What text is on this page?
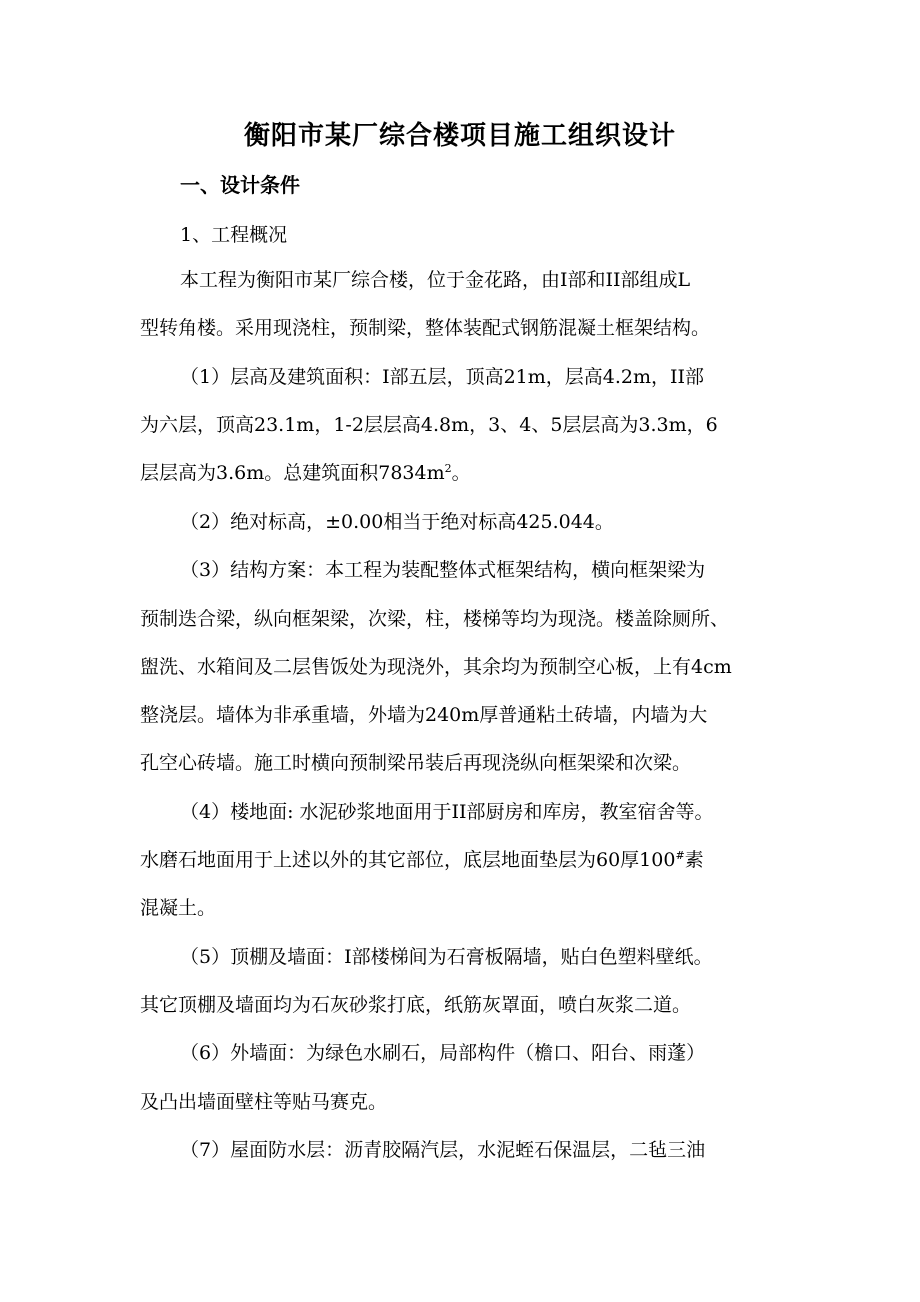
衡阳市某厂综合楼项目施工组织设计
一、设计条件

1、工程概况

本工程为衡阳市某厂综合楼，位于金花路，由Ⅰ部和II部组成L

型转角楼。采用现浇柱，预制梁，整体装配式钢筋混凝土框架结构。

（1）层高及建筑面积：Ⅰ部五层，顶高21m，层高4.2m，II部

为六层，顶高23.1m，1-2层层高4.8m，3、4、5层层高为3.3m，6

层层高为3.6m。总建筑面积$7834m^2$。

（2）绝对标高，±0.00相当于绝对标高425.044。

（3）结构方案：本工程为装配整体式框架结构，横向框架梁为

预制迭合梁，纵向框架梁，次梁，柱，楼梯等均为现浇。楼盖除厕所、

盥洗、水箱间及二层售饭处为现浇外，其余均为预制空心板，上有4cm

整浇层。墙体为非承重墙，外墙为240m厚普通粘土砖墙，内墙为大

孔空心砖墙。施工时横向预制梁吊装后再现浇纵向框架梁和次梁。

（4）楼地面: 水泥砂浆地面用于II部厨房和库房，教室宿舍等。

水磨石地面用于上述以外的其它部位，底层地面垫层为60厚100#素

混凝土。

（5）顶棚及墙面：Ⅰ部楼梯间为石膏板隔墙，贴白色塑料壁纸。

其它顶棚及墙面均为石灰砂浆打底，纸筋灰罩面，喷白灰浆二道。

（6）外墙面：为绿色水刷石，局部构件（檐口、阳台、雨蓬）

及凸出墙面壁柱等贴马赛克。

（7）屋面防水层：沥青胶隔汽层，水泥蛭石保温层，二毡三油
